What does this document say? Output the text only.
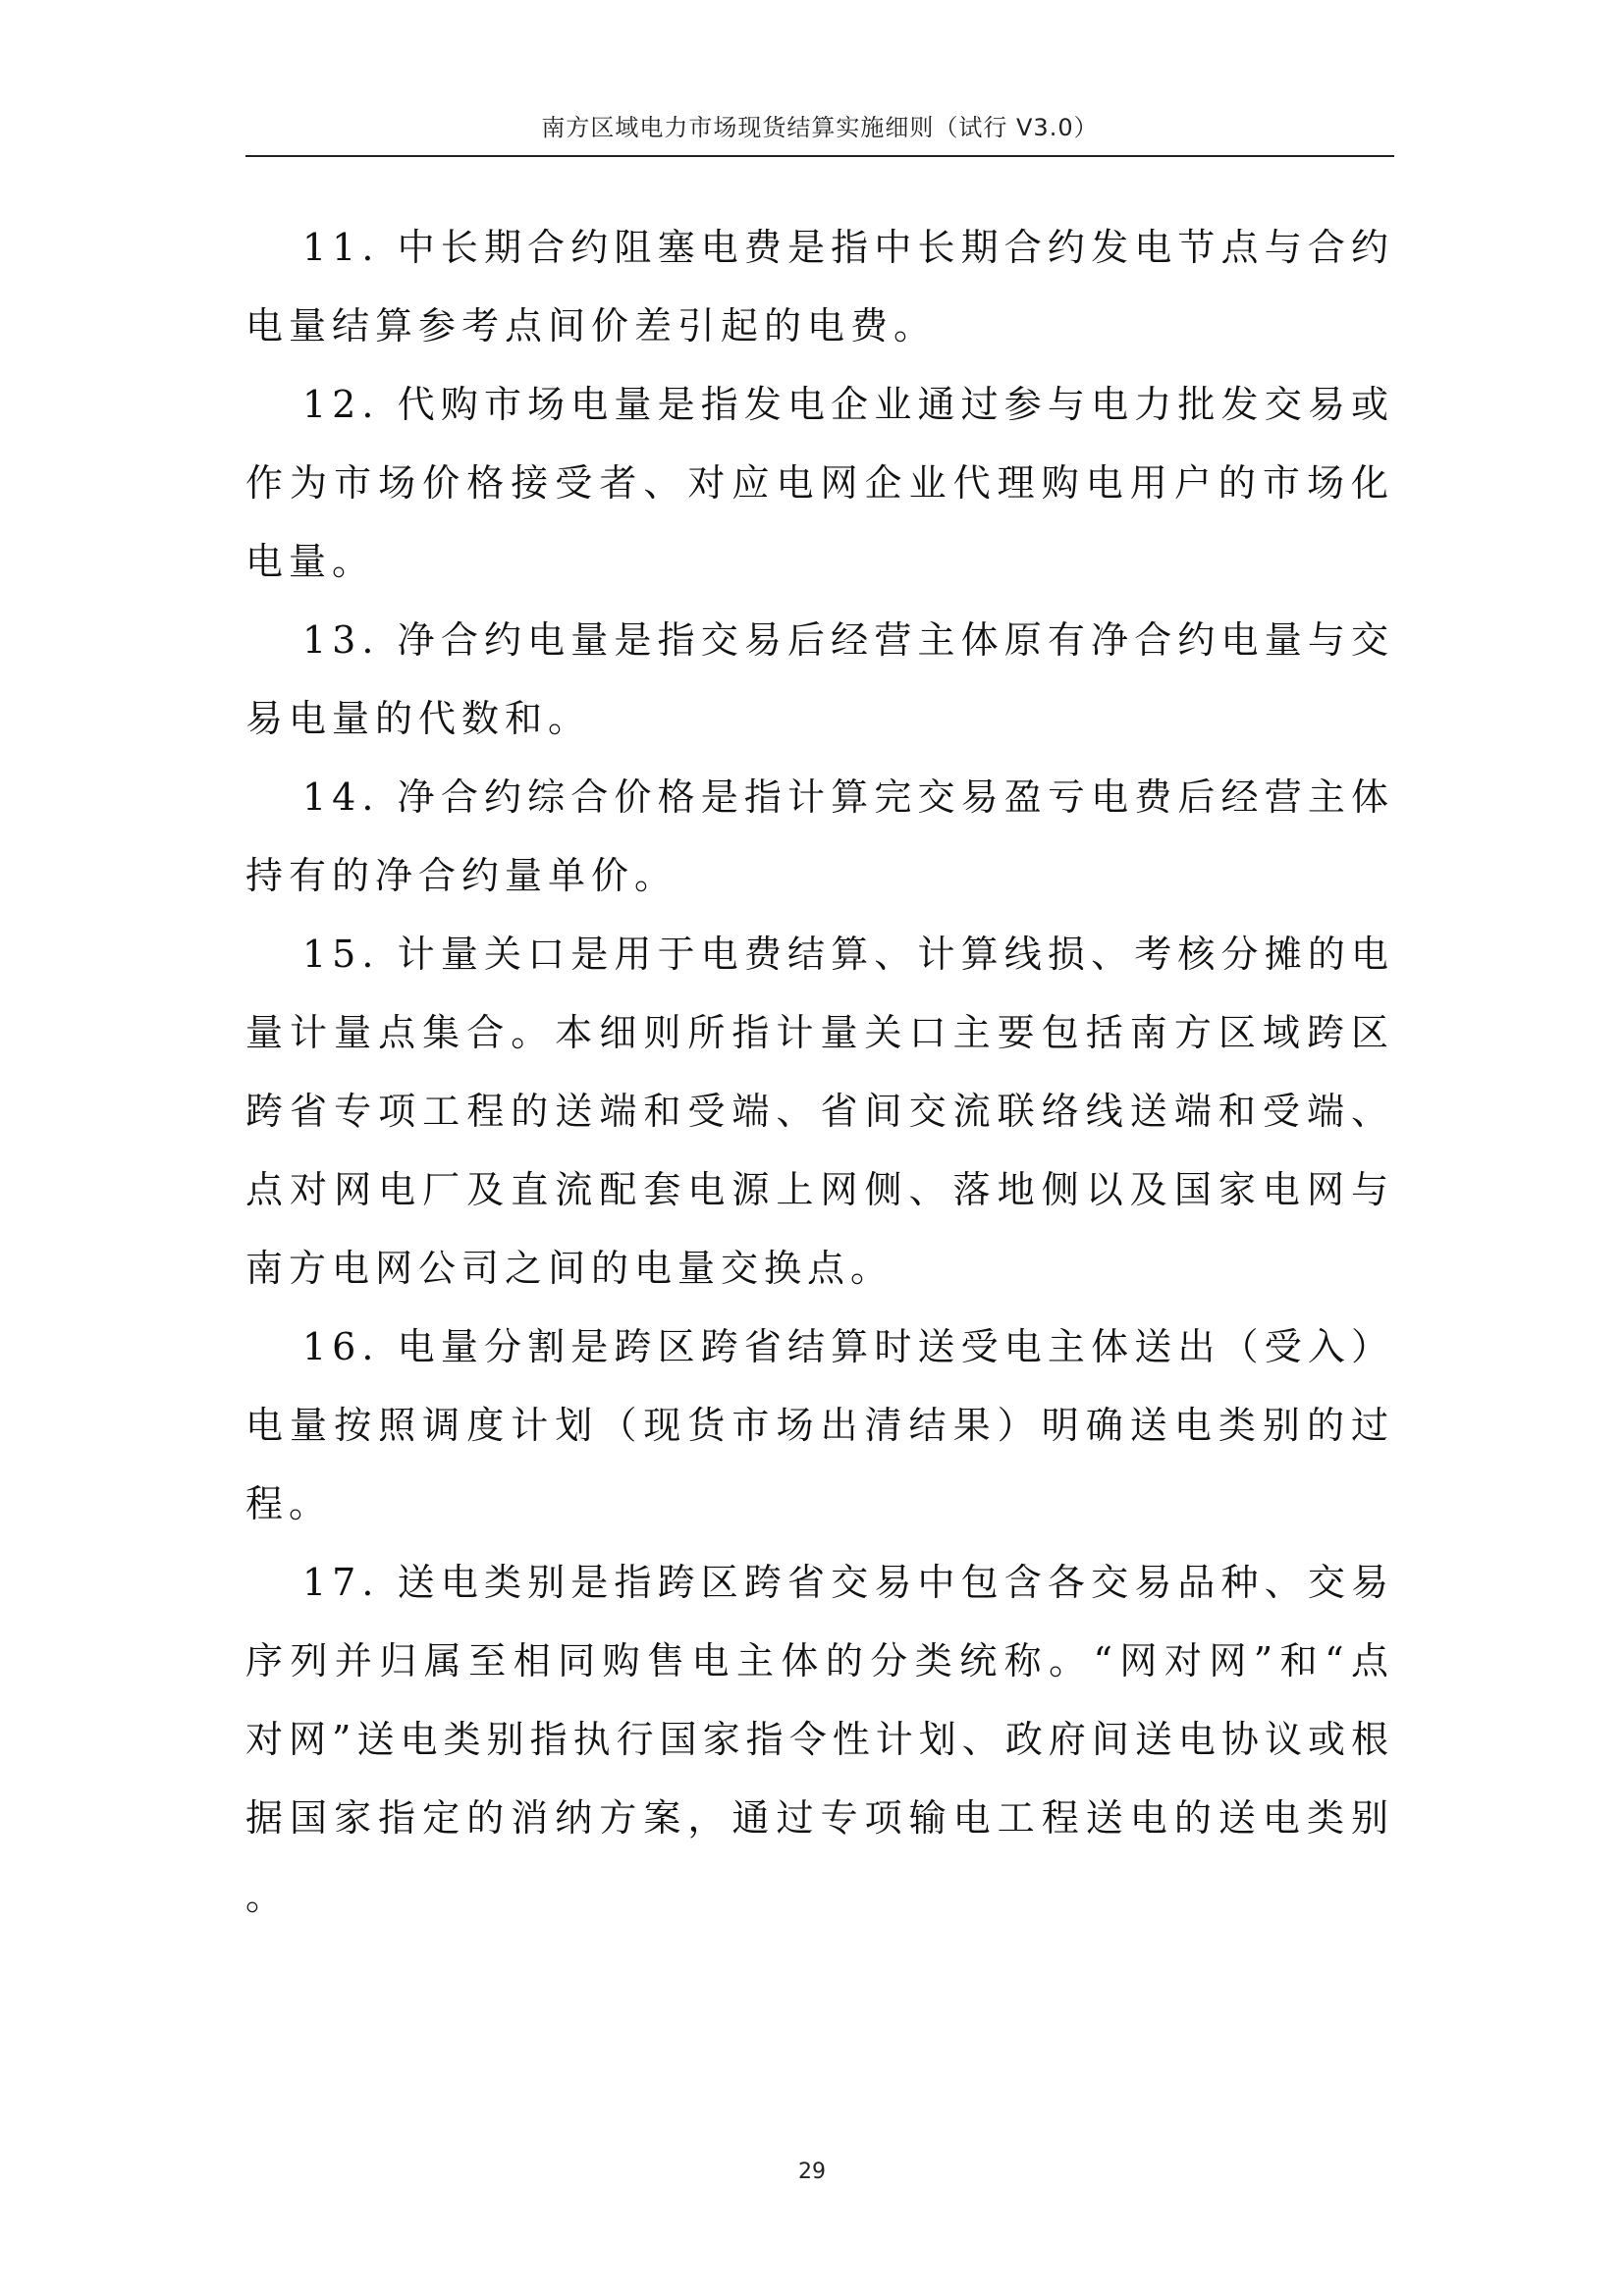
南方区域电力市场现货结算实施细则（试行 V3.0）

11. 中长期合约阻塞电费是指中长期合约发电节点与合约电量结算参考点间价差引起的电费。

12. 代购市场电量是指发电企业通过参与电力批发交易或作为市场价格接受者、对应电网企业代理购电用户的市场化电量。

13. 净合约电量是指交易后经营主体原有净合约电量与交易电量的代数和。

14. 净合约综合价格是指计算完交易盈亏电费后经营主体持有的净合约量单价。

15. 计量关口是用于电费结算、计算线损、考核分摊的电量计量点集合。本细则所指计量关口主要包括南方区域跨区跨省专项工程的送端和受端、省间交流联络线送端和受端、点对网电厂及直流配套电源上网侧、落地侧以及国家电网与南方电网公司之间的电量交换点。

16. 电量分割是跨区跨省结算时送受电主体送出（受入）电量按照调度计划（现货市场出清结果）明确送电类别的过程。

17. 送电类别是指跨区跨省交易中包含各交易品种、交易序列并归属至相同购售电主体的分类统称。“网对网”和“点对网”送电类别指执行国家指令性计划、政府间送电协议或根据国家指定的消纳方案，通过专项输电工程送电的送电类别。

29
